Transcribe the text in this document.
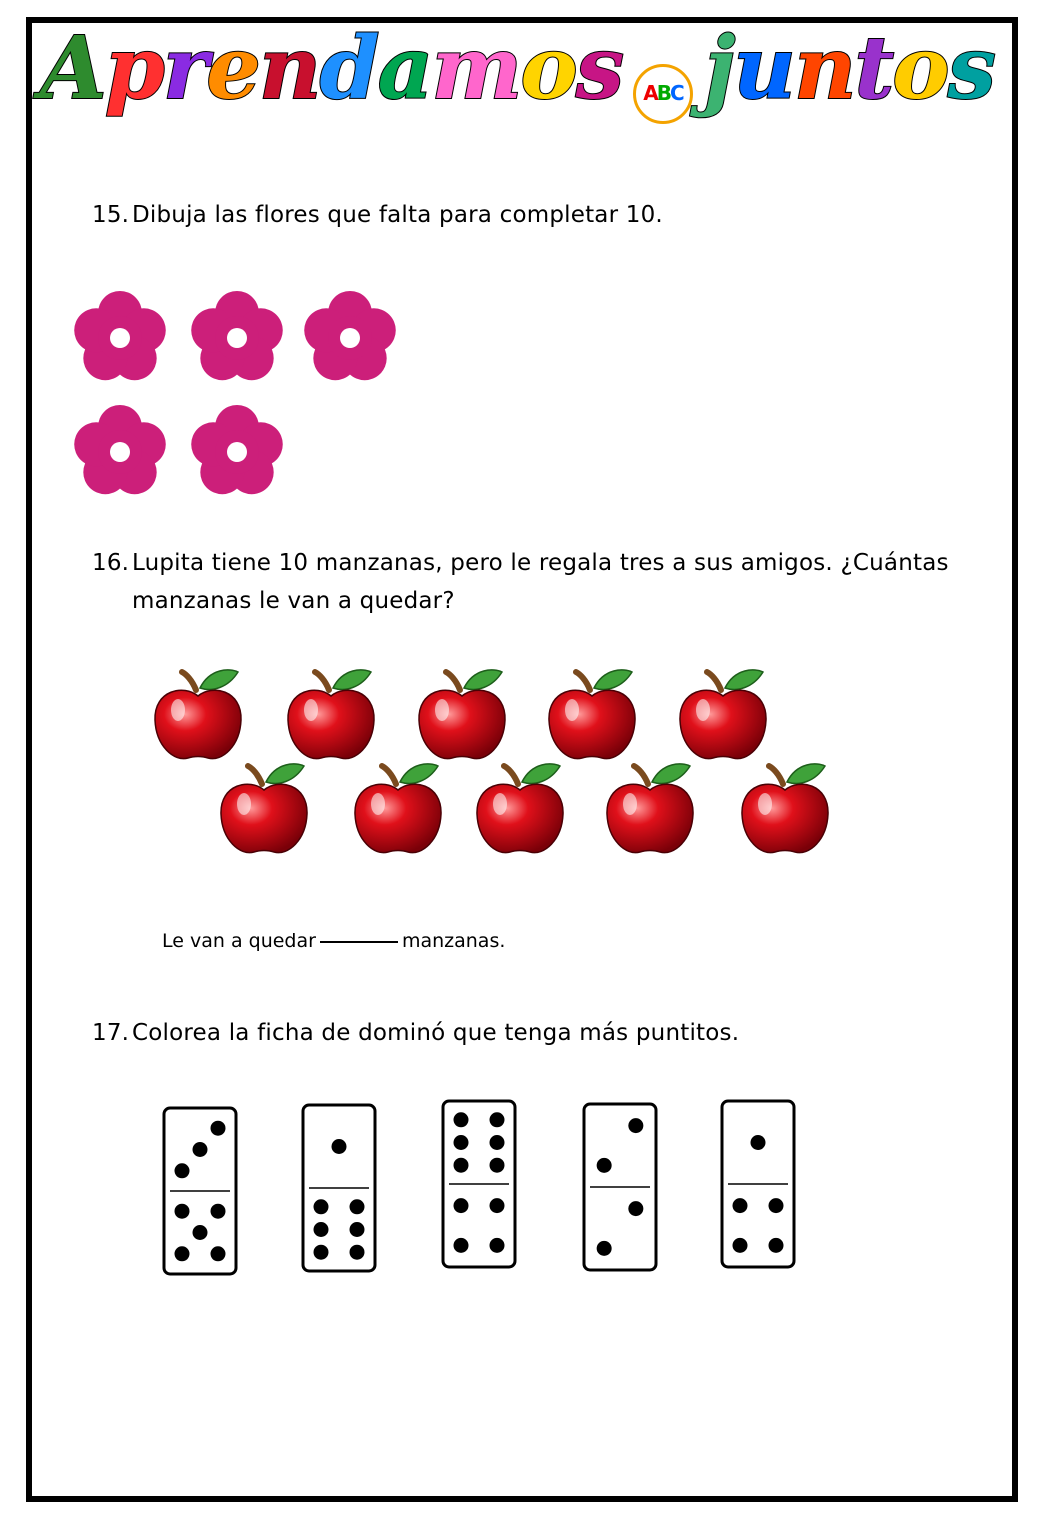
Aprendamos ABC juntos
15. Dibuja las flores que falta para completar 10.
16. Lupita tiene 10 manzanas, pero le regala tres a sus amigos. ¿Cuántas
manzanas le van a quedar?
Le van a quedar	manzanas.
17. Colorea la ficha de dominó que tenga más puntitos.
